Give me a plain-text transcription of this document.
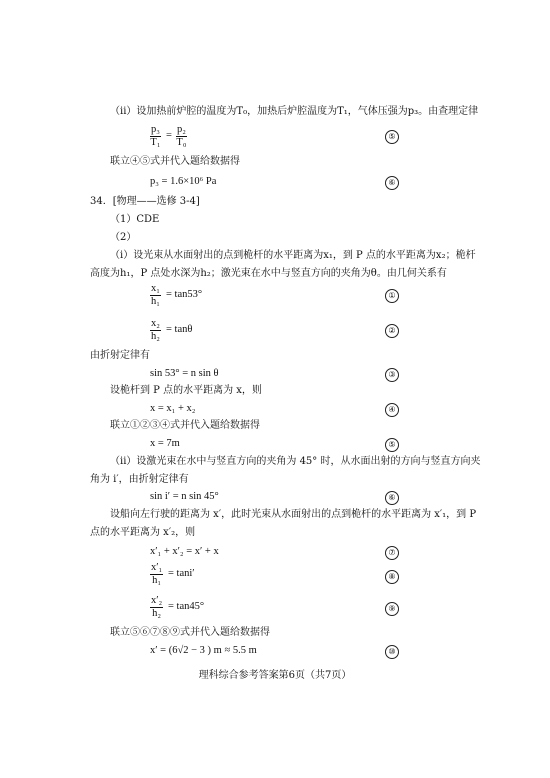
（ii）设加热前炉腔的温度为T₀，加热后炉腔温度为T₁，气体压强为p₃。由查理定律
$\frac{\text{p₃}}{\text{T₁}} = \frac{\text{p₂}}{\text{T₀}}$	⑤
联立④⑤式并代入题给数据得
p₃ = 1.6×10⁶ Pa	⑥
34．[物理——选修 3-4]
（1）CDE
（2）
（i）设光束从水面射出的点到桅杆的水平距离为x₁，到 P 点的水平距离为x₂；桅杆
高度为h₁，P 点处水深为h₂；激光束在水中与竖直方向的夹角为θ。由几何关系有
$\frac{\text{x₁}}{\text{h₁}} = \tan 53^\circ$	①
$\frac{\text{x₂}}{\text{h₂}} = \tan\theta$	②
由折射定律有
sin 53° = n sin θ	③
设桅杆到 P 点的水平距离为 x，则
x = x₁ + x₂	④
联立①②③④式并代入题给数据得
x = 7m	⑤
（ii）设激光束在水中与竖直方向的夹角为 45° 时，从水面出射的方向与竖直方向夹
角为 i′，由折射定律有
sin i′ = n sin 45°	⑥
设船向左行驶的距离为 x′，此时光束从水面射出的点到桅杆的水平距离为 x′₁，到 P
点的水平距离为 x′₂，则
x′₁ + x′₂ = x′ + x	⑦
$\frac{\text{x′₁}}{\text{h₁}} = \tan i'$	⑧
$\frac{\text{x′₂}}{\text{h₂}} = \tan 45^\circ$	⑨
联立⑤⑥⑦⑧⑨式并代入题给数据得
x′ = (6√2 − 3 ) m ≈ 5.5 m	⑩
理科综合参考答案第6页（共7页）
